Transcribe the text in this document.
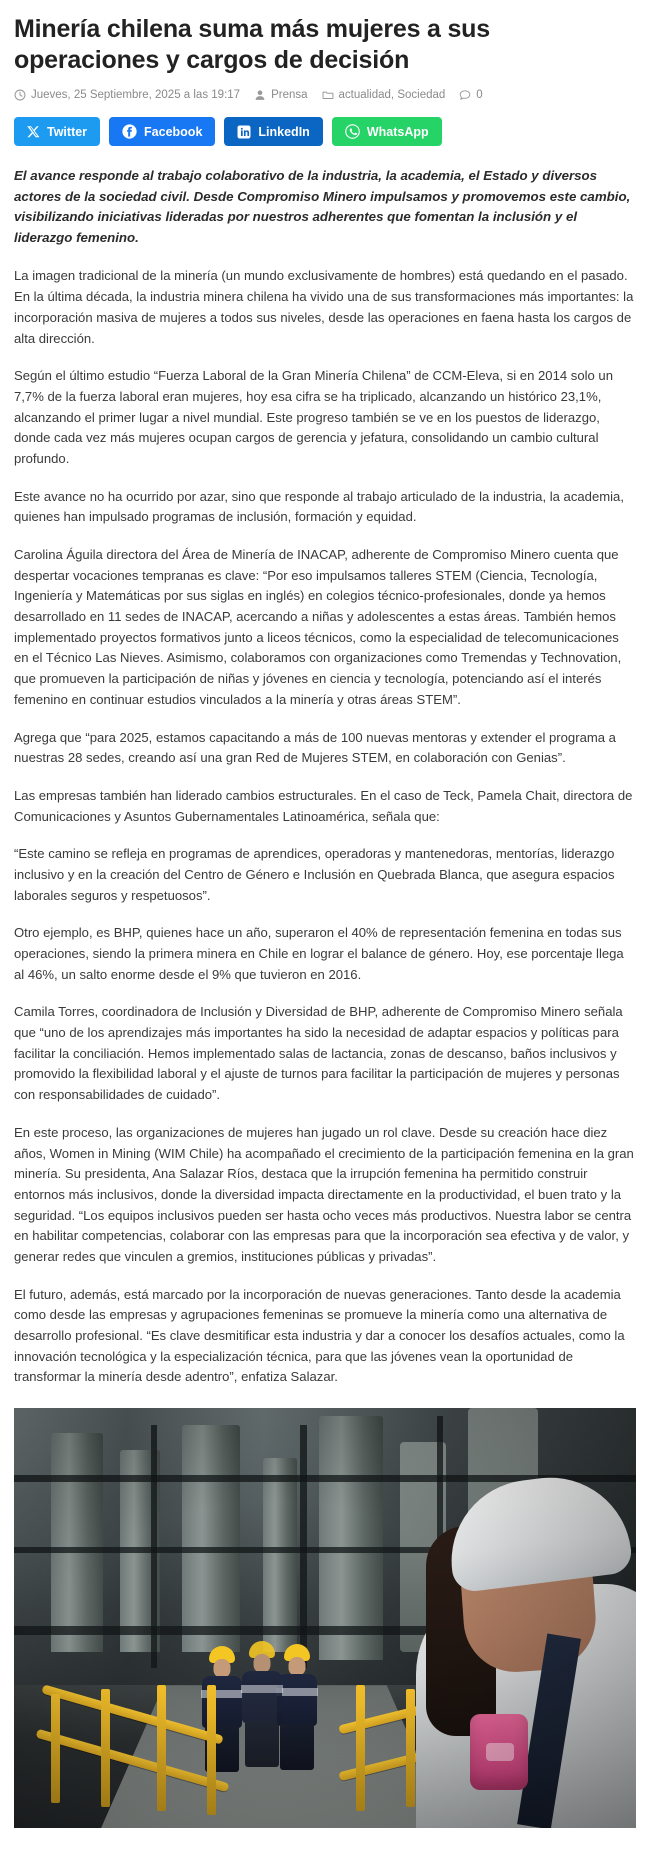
Minería chilena suma más mujeres a sus operaciones y cargos de decisión
Jueves, 25 Septiembre, 2025 a las 19:17	Prensa	actualidad, Sociedad	0
Twitter	Facebook	LinkedIn	WhatsApp

El avance responde al trabajo colaborativo de la industria, la academia, el Estado y diversos actores de la sociedad civil. Desde Compromiso Minero impulsamos y promovemos este cambio, visibilizando iniciativas lideradas por nuestros adherentes que fomentan la inclusión y el liderazgo femenino.

La imagen tradicional de la minería (un mundo exclusivamente de hombres) está quedando en el pasado. En la última década, la industria minera chilena ha vivido una de sus transformaciones más importantes: la incorporación masiva de mujeres a todos sus niveles, desde las operaciones en faena hasta los cargos de alta dirección.

Según el último estudio “Fuerza Laboral de la Gran Minería Chilena” de CCM-Eleva, si en 2014 solo un 7,7% de la fuerza laboral eran mujeres, hoy esa cifra se ha triplicado, alcanzando un histórico 23,1%, alcanzando el primer lugar a nivel mundial. Este progreso también se ve en los puestos de liderazgo, donde cada vez más mujeres ocupan cargos de gerencia y jefatura, consolidando un cambio cultural profundo.

Este avance no ha ocurrido por azar, sino que responde al trabajo articulado de la industria, la academia, quienes han impulsado programas de inclusión, formación y equidad.

Carolina Águila directora del Área de Minería de INACAP, adherente de Compromiso Minero cuenta que despertar vocaciones tempranas es clave: “Por eso impulsamos talleres STEM (Ciencia, Tecnología, Ingeniería y Matemáticas por sus siglas en inglés) en colegios técnico-profesionales, donde ya hemos desarrollado en 11 sedes de INACAP, acercando a niñas y adolescentes a estas áreas. También hemos implementado proyectos formativos junto a liceos técnicos, como la especialidad de telecomunicaciones en el Técnico Las Nieves. Asimismo, colaboramos con organizaciones como Tremendas y Technovation, que promueven la participación de niñas y jóvenes en ciencia y tecnología, potenciando así el interés femenino en continuar estudios vinculados a la minería y otras áreas STEM”.

Agrega que “para 2025, estamos capacitando a más de 100 nuevas mentoras y extender el programa a nuestras 28 sedes, creando así una gran Red de Mujeres STEM, en colaboración con Genias”.

Las empresas también han liderado cambios estructurales. En el caso de Teck, Pamela Chait, directora de Comunicaciones y Asuntos Gubernamentales Latinoamérica, señala que:

“Este camino se refleja en programas de aprendices, operadoras y mantenedoras, mentorías, liderazgo inclusivo y en la creación del Centro de Género e Inclusión en Quebrada Blanca, que asegura espacios laborales seguros y respetuosos”.

Otro ejemplo, es BHP, quienes hace un año, superaron el 40% de representación femenina en todas sus operaciones, siendo la primera minera en Chile en lograr el balance de género. Hoy, ese porcentaje llega al 46%, un salto enorme desde el 9% que tuvieron en 2016.

Camila Torres, coordinadora de Inclusión y Diversidad de BHP, adherente de Compromiso Minero señala que “uno de los aprendizajes más importantes ha sido la necesidad de adaptar espacios y políticas para facilitar la conciliación. Hemos implementado salas de lactancia, zonas de descanso, baños inclusivos y promovido la flexibilidad laboral y el ajuste de turnos para facilitar la participación de mujeres y personas con responsabilidades de cuidado”.

En este proceso, las organizaciones de mujeres han jugado un rol clave. Desde su creación hace diez años, Women in Mining (WIM Chile) ha acompañado el crecimiento de la participación femenina en la gran minería. Su presidenta, Ana Salazar Ríos, destaca que la irrupción femenina ha permitido construir entornos más inclusivos, donde la diversidad impacta directamente en la productividad, el buen trato y la seguridad. “Los equipos inclusivos pueden ser hasta ocho veces más productivos. Nuestra labor se centra en habilitar competencias, colaborar con las empresas para que la incorporación sea efectiva y de valor, y generar redes que vinculen a gremios, instituciones públicas y privadas”.

El futuro, además, está marcado por la incorporación de nuevas generaciones. Tanto desde la academia como desde las empresas y agrupaciones femeninas se promueve la minería como una alternativa de desarrollo profesional. “Es clave desmitificar esta industria y dar a conocer los desafíos actuales, como la innovación tecnológica y la especialización técnica, para que las jóvenes vean la oportunidad de transformar la minería desde adentro”, enfatiza Salazar.
